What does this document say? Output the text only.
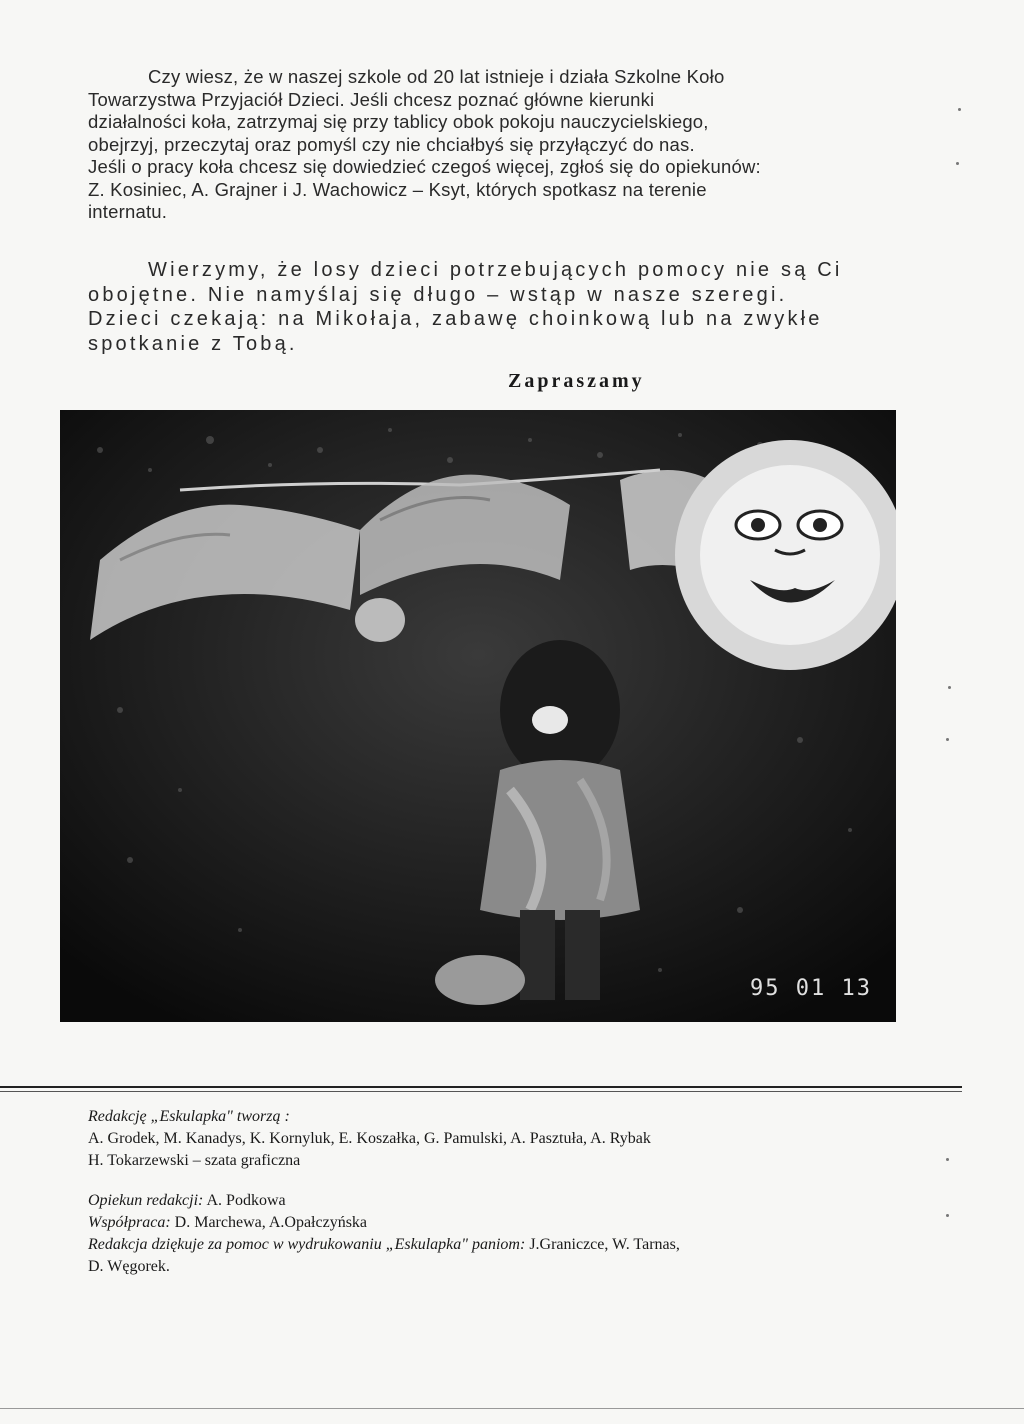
Czy wiesz, że w naszej szkole od 20 lat istnieje i działa Szkolne Koło
Towarzystwa Przyjaciół Dzieci. Jeśli chcesz poznać główne kierunki
działalności koła, zatrzymaj się przy tablicy obok pokoju nauczycielskiego,
obejrzyj, przeczytaj oraz pomyśl czy nie chciałbyś się przyłączyć do nas.
Jeśli o pracy koła chcesz się dowiedzieć czegoś więcej, zgłoś się do opiekunów:
Z. Kosiniec, A. Grajner i J. Wachowicz – Ksyt, których spotkasz na terenie
internatu.
Wierzymy, że losy dzieci potrzebujących pomocy nie są Ci
obojętne. Nie namyślaj się długo – wstąp w nasze szeregi.
Dzieci czekają: na Mikołaja, zabawę choinkową lub na zwykłe
spotkanie z Tobą.
Zapraszamy
95 01 13
Redakcję „Eskulapka" tworzą :
A. Grodek, M. Kanadys, K. Kornyluk, E. Koszałka, G. Pamulski, A. Pasztuła, A. Rybak
H. Tokarzewski – szata graficzna
Opiekun redakcji: A. Podkowa
Współpraca: D. Marchewa, A.Opałczyńska
Redakcja dziękuje za pomoc w wydrukowaniu „Eskulapka" paniom: J.Graniczce, W. Tarnas,
D. Węgorek.
